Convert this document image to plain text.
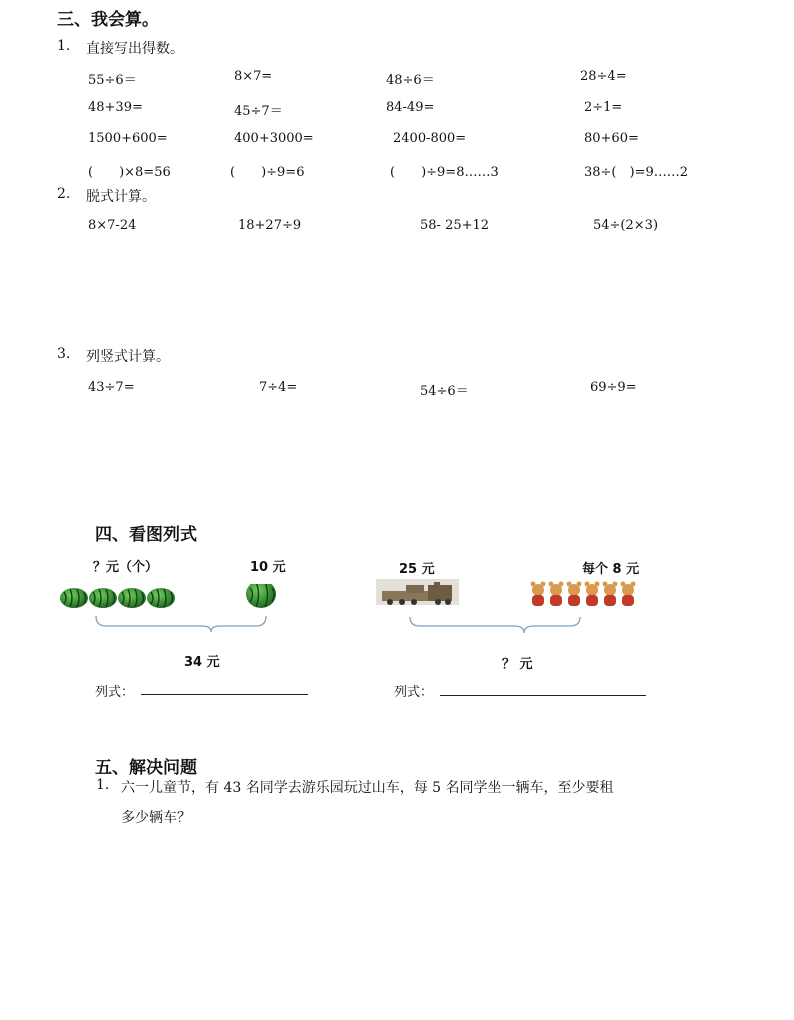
三、我会算。
1. 直接写出得数。
55÷6＝	8×7=	48÷6＝	28÷4=
48+39=	45÷7＝	84-49=	2÷1=
1500+600=	400+3000=	2400-800=	80+60=
(　　)×8=56	(　　)÷9=6	(　　)÷9=8……3	38÷(　)=9……2
2. 脱式计算。
8×7-24	18+27÷9	58- 25+12	54÷(2×3)
3. 列竖式计算。
43÷7=	7÷4=	54÷6＝	69÷9=
四、看图列式
？元（个）	10 元
34 元
列式：
25 元	每个 8 元
？ 元
列式：
五、解决问题
1. 六一儿童节，有 43 名同学去游乐园玩过山车，每 5 名同学坐一辆车，至少要租
多少辆车？
